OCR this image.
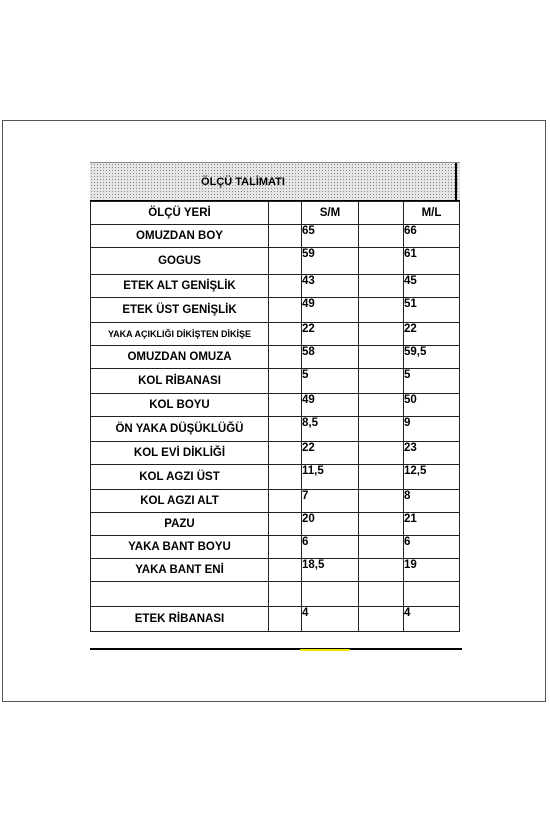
ÖLÇÜ TALİMATI
ÖLÇÜ YERİ		S/M		M/L
OMUZDAN BOY		65		66
GOGUS		59		61
ETEK ALT GENİŞLİK		43		45
ETEK ÜST GENİŞLİK		49		51
YAKA AÇIKLIĞI DİKİŞTEN DİKİŞE		22		22
OMUZDAN OMUZA		58		59,5
KOL RİBANASI		5		5
KOL BOYU		49		50
ÖN YAKA DÜŞÜKLÜĞÜ		8,5		9
KOL EVİ DİKLİĞİ		22		23
KOL AGZI ÜST		11,5		12,5
KOL AGZI ALT		7		8
PAZU		20		21
YAKA BANT BOYU		6		6
YAKA BANT ENİ		18,5		19

ETEK RİBANASI		4		4
